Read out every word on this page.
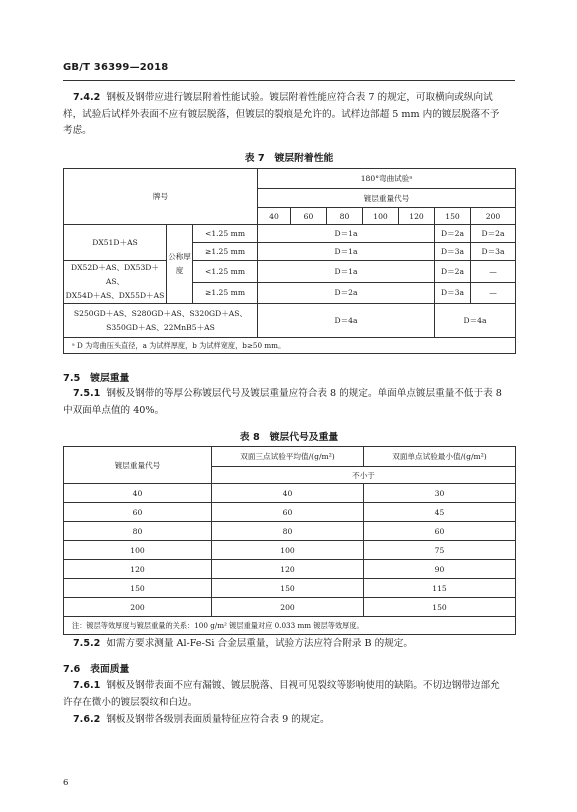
GB/T 36399—2018
7.4.2 钢板及钢带应进行镀层附着性能试验。镀层附着性能应符合表 7 的规定，可取横向或纵向试
样，试验后试样外表面不应有镀层脱落，但镀层的裂痕是允许的。试样边部超 5 mm 内的镀层脱落不予
考虑。
表 7　镀层附着性能
牌号			180°弯曲试验ᵃ						
			镀层重量代号						
			40	60	80	100	120	150	200
DX51D＋AS	公称厚度	<1.25 mm	D＝1a					D＝2a	D＝2a
		≥1.25 mm	D＝1a					D＝3a	D＝3a

DX52D＋AS、DX53D＋AS、
DX54D＋AS、DX55D＋AS		<1.25 mm	D＝1a					D＝2a	—
		≥1.25 mm	D＝2a					D＝3a	—

S250GD＋AS、S280GD＋AS、S320GD＋AS、
S350GD＋AS、22MnB5＋AS			D＝4a					D＝4a	
ᵃ D 为弯曲压头直径，a 为试样厚度，b 为试样宽度，b≥50 mm。									
7.5　镀层重量
7.5.1 钢板及钢带的等厚公称镀层代号及镀层重量应符合表 8 的规定。单面单点镀层重量不低于表 8
中双面单点值的 40%。
表 8　镀层代号及重量
镀层重量代号	双面三点试验平均值/(g/m²)	双面单点试验最小值/(g/m²)
	不小于	
40	40	30
60	60	45
80	80	60
100	100	75
120	120	90
150	150	115
200	200	150
注：镀层等效厚度与镀层重量的关系：100 g/m² 镀层重量对应 0.033 mm 镀层等效厚度。		
7.5.2 如需方要求测量 Al-Fe-Si 合金层重量，试验方法应符合附录 B 的规定。
7.6　表面质量
7.6.1 钢板及钢带表面不应有漏镀、镀层脱落、目视可见裂纹等影响使用的缺陷。不切边钢带边部允
许存在微小的镀层裂纹和白边。
7.6.2 钢板及钢带各级别表面质量特征应符合表 9 的规定。
6
